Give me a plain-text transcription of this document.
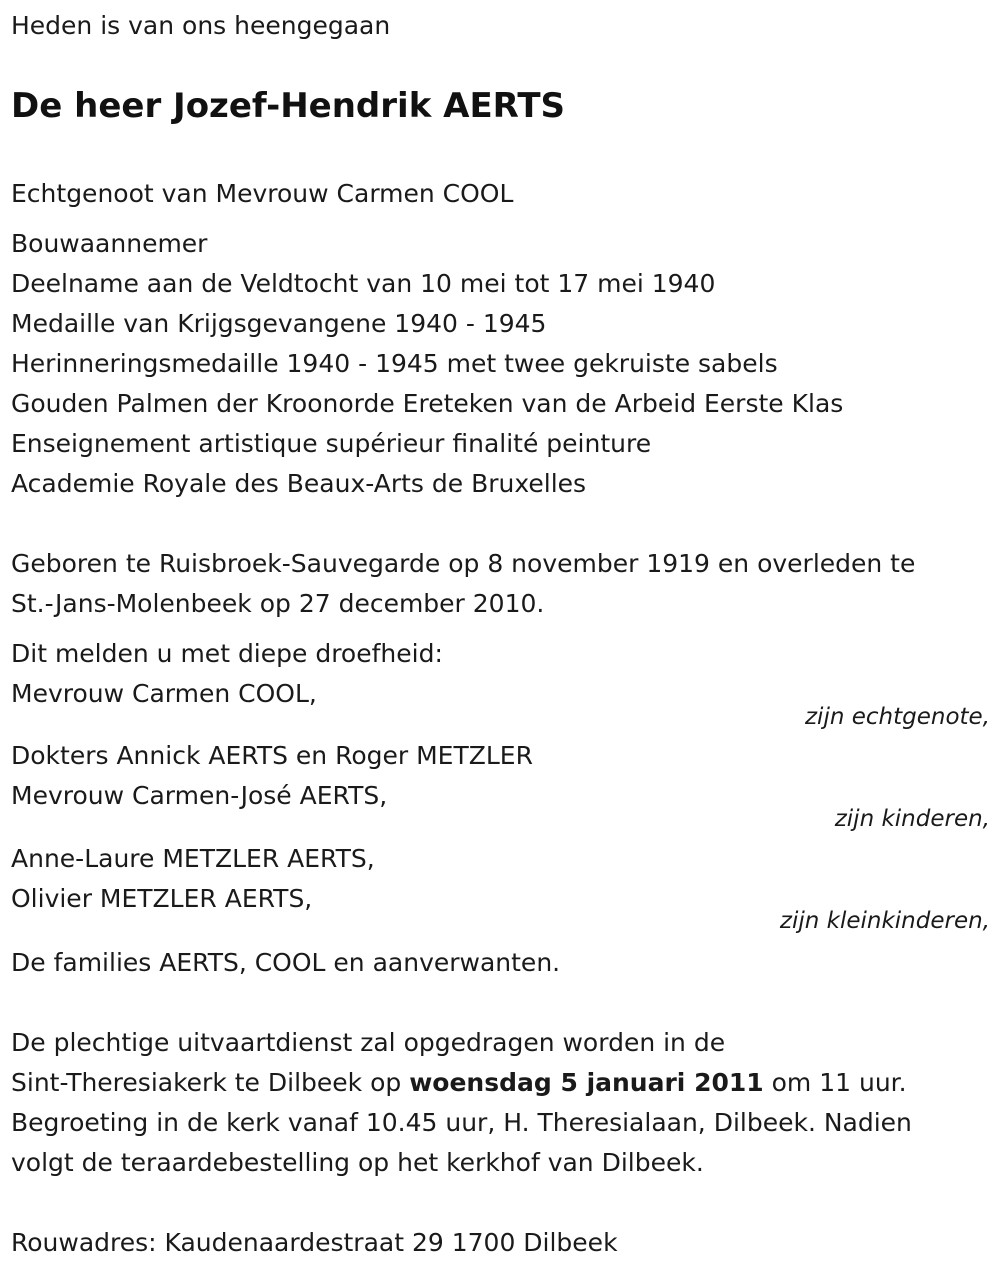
Heden is van ons heengegaan
De heer Jozef-Hendrik AERTS
Echtgenoot van Mevrouw Carmen COOL
Bouwaannemer
Deelname aan de Veldtocht van 10 mei tot 17 mei 1940
Medaille van Krijgsgevangene 1940 - 1945
Herinneringsmedaille 1940 - 1945 met twee gekruiste sabels
Gouden Palmen der Kroonorde Ereteken van de Arbeid Eerste Klas
Enseignement artistique supérieur finalité peinture
Academie Royale des Beaux-Arts de Bruxelles
Geboren te Ruisbroek-Sauvegarde op 8 november 1919 en overleden te
St.-Jans-Molenbeek op 27 december 2010.
Dit melden u met diepe droefheid:
Mevrouw Carmen COOL,
zijn echtgenote,
Dokters Annick AERTS en Roger METZLER
Mevrouw Carmen-José AERTS,
zijn kinderen,
Anne-Laure METZLER AERTS,
Olivier METZLER AERTS,
zijn kleinkinderen,
De families AERTS, COOL en aanverwanten.
De plechtige uitvaartdienst zal opgedragen worden in de
Sint-Theresiakerk te Dilbeek op woensdag 5 januari 2011 om 11 uur.
Begroeting in de kerk vanaf 10.45 uur, H. Theresialaan, Dilbeek. Nadien
volgt de teraardebestelling op het kerkhof van Dilbeek.
Rouwadres: Kaudenaardestraat 29 1700 Dilbeek
